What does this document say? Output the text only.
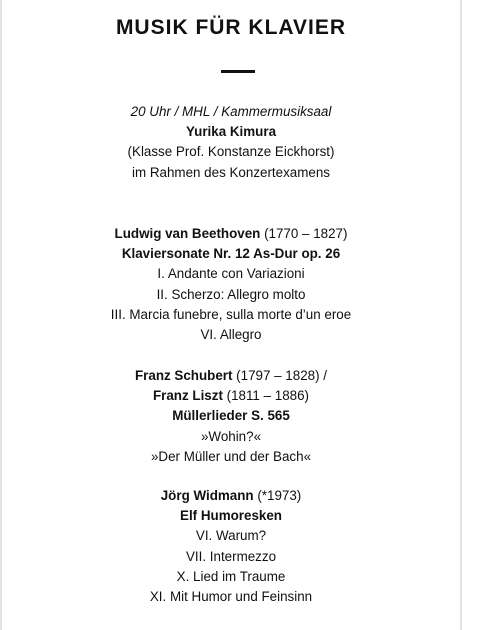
MUSIK FÜR KLAVIER
20 Uhr / MHL / Kammermusiksaal
Yurika Kimura
(Klasse Prof. Konstanze Eickhorst)
im Rahmen des Konzertexamens
Ludwig van Beethoven (1770 – 1827)
Klaviersonate Nr. 12 As-Dur op. 26
I. Andante con Variazioni
II. Scherzo: Allegro molto
III. Marcia funebre, sulla morte d’un eroe
VI. Allegro
Franz Schubert (1797 – 1828) /
Franz Liszt (1811 – 1886)
Müllerlieder S. 565
»Wohin?«
»Der Müller und der Bach«
Jörg Widmann (*1973)
Elf Humoresken
VI. Warum?
VII. Intermezzo
X. Lied im Traume
XI. Mit Humor und Feinsinn
